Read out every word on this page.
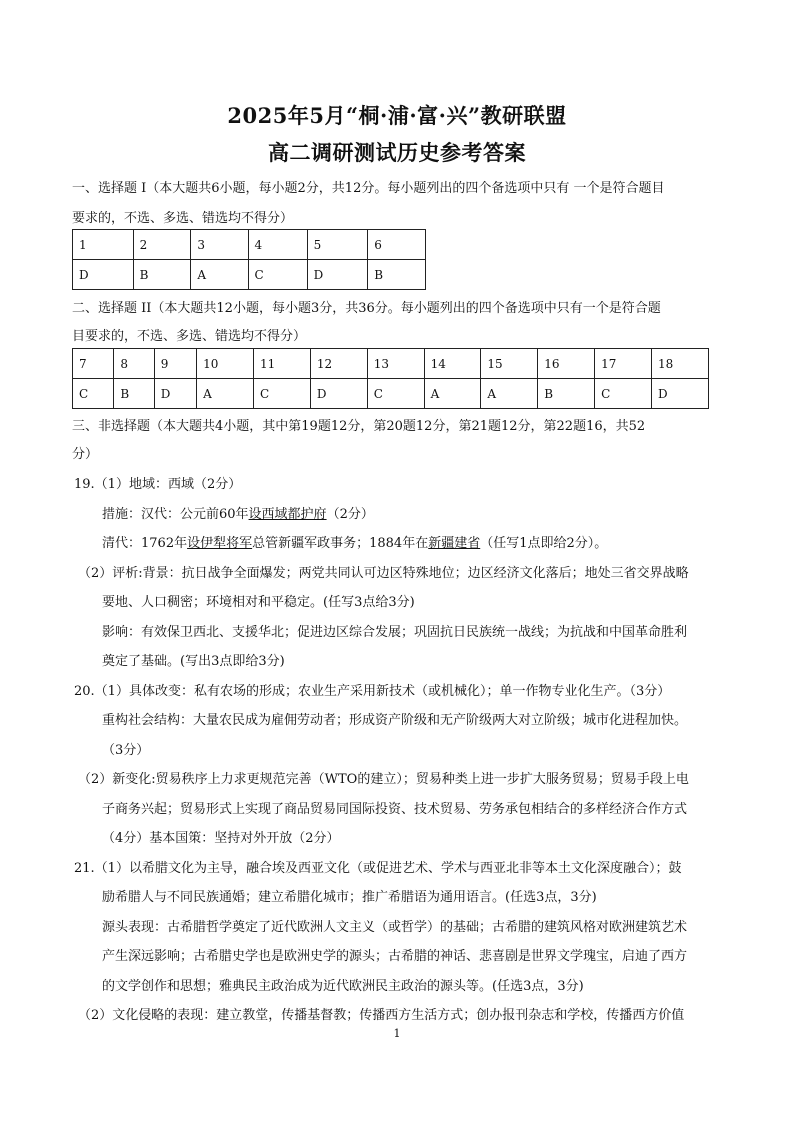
2025年5月“桐·浦·富·兴”教研联盟
高二调研测试历史参考答案
一、选择题 I（本大题共6小题，每小题2分，共12分。每小题列出的四个备选项中只有 一个是符合题目
要求的，不选、多选、错选均不得分）
1	2	3	4	5	6
D	B	A	C	D	B
二、选择题 II（本大题共12小题，每小题3分，共36分。每小题列出的四个备选项中只有一个是符合题
目要求的，不选、多选、错选均不得分）
7	8	9	10	11	12	13	14	15	16	17	18
C	B	D	A	C	D	C	A	A	B	C	D
三、非选择题（本大题共4小题，其中第19题12分，第20题12分，第21题12分，第22题16，共52
分）
19.（1）地域：西域（2分）
措施：汉代：公元前60年设西域都护府（2分）
清代：1762年设伊犁将军总管新疆军政事务；1884年在新疆建省（任写1点即给2分）。
（2）评析:背景：抗日战争全面爆发；两党共同认可边区特殊地位；边区经济文化落后；地处三省交界战略
要地、人口稠密；环境相对和平稳定。(任写3点给3分)
影响：有效保卫西北、支援华北；促进边区综合发展；巩固抗日民族统一战线；为抗战和中国革命胜利
奠定了基础。(写出3点即给3分)
20.（1）具体改变：私有农场的形成；农业生产采用新技术（或机械化）；单一作物专业化生产。（3分）
重构社会结构：大量农民成为雇佣劳动者；形成资产阶级和无产阶级两大对立阶级；城市化进程加快。
（3分）
（2）新变化:贸易秩序上力求更规范完善（WTO的建立）；贸易种类上进一步扩大服务贸易；贸易手段上电
子商务兴起；贸易形式上实现了商品贸易同国际投资、技术贸易、劳务承包相结合的多样经济合作方式
（4分）基本国策：坚持对外开放（2分）
21.（1）以希腊文化为主导，融合埃及西亚文化（或促进艺术、学术与西亚北非等本土文化深度融合）；鼓
励希腊人与不同民族通婚；建立希腊化城市；推广希腊语为通用语言。(任选3点，3分)
源头表现：古希腊哲学奠定了近代欧洲人文主义（或哲学）的基础；古希腊的建筑风格对欧洲建筑艺术
产生深远影响；古希腊史学也是欧洲史学的源头；古希腊的神话、悲喜剧是世界文学瑰宝，启迪了西方
的文学创作和思想；雅典民主政治成为近代欧洲民主政治的源头等。(任选3点，3分)
（2）文化侵略的表现：建立教堂，传播基督教；传播西方生活方式；创办报刊杂志和学校，传播西方价值
1
